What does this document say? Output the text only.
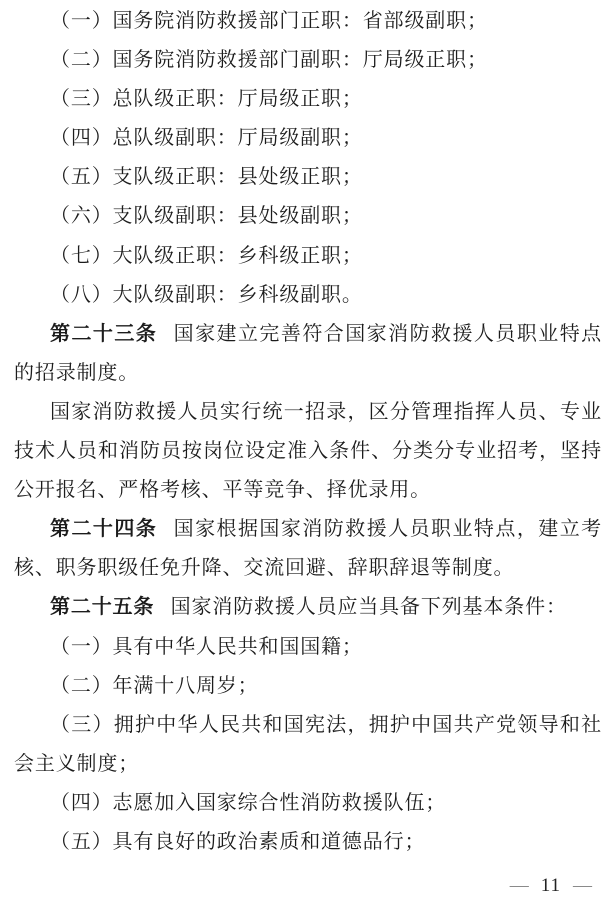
（一）国务院消防救援部门正职：省部级副职；

（二）国务院消防救援部门副职：厅局级正职；

（三）总队级正职：厅局级正职；

（四）总队级副职：厅局级副职；

（五）支队级正职：县处级正职；

（六）支队级副职：县处级副职；

（七）大队级正职：乡科级正职；

（八）大队级副职：乡科级副职。

第二十三条 国家建立完善符合国家消防救援人员职业特点的招录制度。

国家消防救援人员实行统一招录，区分管理指挥人员、专业技术人员和消防员按岗位设定准入条件、分类分专业招考，坚持公开报名、严格考核、平等竞争、择优录用。

第二十四条 国家根据国家消防救援人员职业特点，建立考核、职务职级任免升降、交流回避、辞职辞退等制度。

第二十五条 国家消防救援人员应当具备下列基本条件：

（一）具有中华人民共和国国籍；

（二）年满十八周岁；

（三）拥护中华人民共和国宪法，拥护中国共产党领导和社会主义制度；

（四）志愿加入国家综合性消防救援队伍；

（五）具有良好的政治素质和道德品行；

— 11 —
